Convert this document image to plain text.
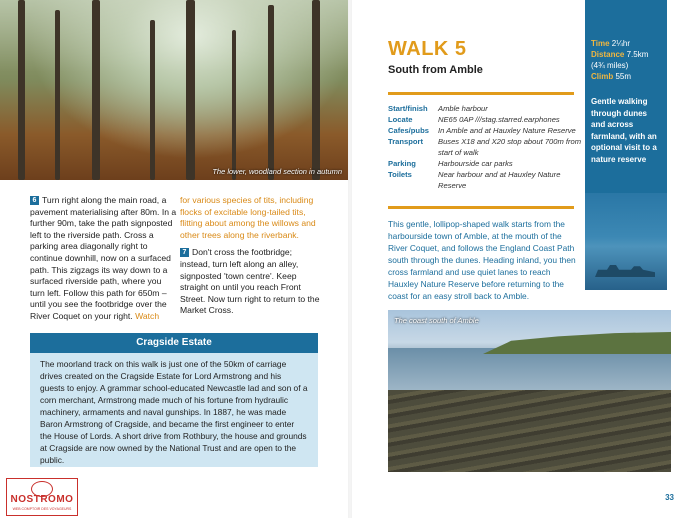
The lower, woodland section in autumn
6 Turn right along the main road, a pavement materialising after 80m. In a further 90m, take the path signposted left to the riverside path. Cross a parking area diagonally right to continue downhill, now on a surfaced path. This zigzags its way down to a surfaced riverside path, where you turn left. Follow this path for 650m – until you see the footbridge over the River Coquet on your right. Watch
for various species of tits, including flocks of excitable long-tailed tits, flitting about among the willows and other trees along the riverbank.
7 Don't cross the footbridge; instead, turn left along an alley, signposted 'town centre'. Keep straight on until you reach Front Street. Now turn right to return to the Market Cross.
Cragside Estate
The moorland track on this walk is just one of the 50km of carriage drives created on the Cragside Estate for Lord Armstrong and his guests to enjoy. A grammar school-educated Newcastle lad and son of a corn merchant, Armstrong made much of his fortune from hydraulic machinery, armaments and naval gunships. In 1887, he was made Baron Armstrong of Cragside, and became the first engineer to enter the House of Lords. A short drive from Rothbury, the house and grounds at Cragside are now owned by the National Trust and are open to the public.
NOSTROMO
WEB COMPTOIR DES VOYAGEURS
WALK 5
South from Amble
Start/finish	Amble harbour
Locate	NE65 0AP ///stag.starred.earphones
Cafes/pubs	In Amble and at Hauxley Nature Reserve
Transport	Buses X18 and X20 stop about 700m from start of walk
Parking	Harbourside car parks
Toilets	Near harbour and at Hauxley Nature Reserve
Time 2¼hr
Distance 7.5km
(4¾ miles)
Climb 55m
Gentle walking through dunes and across farmland, with an optional visit to a nature reserve
This gentle, lollipop-shaped walk starts from the harbourside town of Amble, at the mouth of the River Coquet, and follows the England Coast Path south through the dunes. Heading inland, you then cross farmland and use quiet lanes to reach Hauxley Nature Reserve before returning to the coast for an easy stroll back to Amble.
The coast south of Amble
33
